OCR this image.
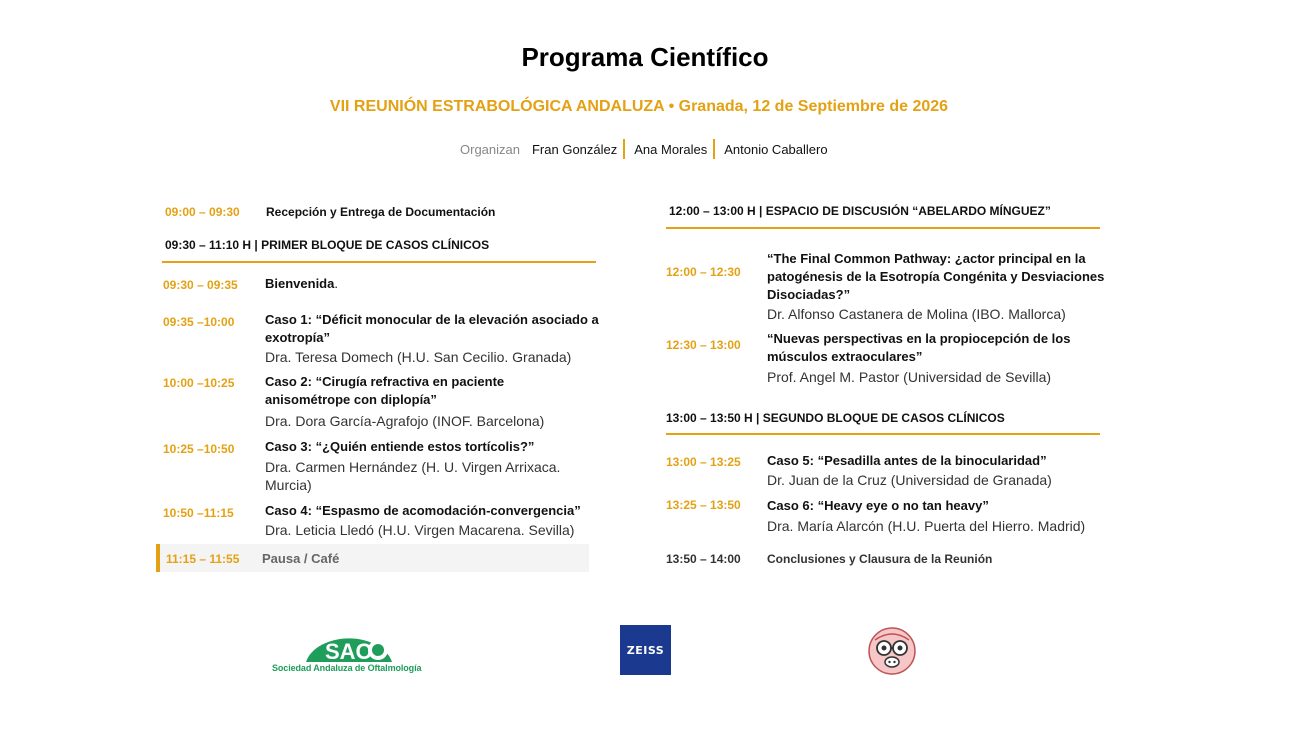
Programa Científico
VII REUNIÓN ESTRABOLÓGICA ANDALUZA • Granada, 12 de Septiembre de 2026
Organizan Fran González Ana Morales Antonio Caballero
09:00 – 09:30 Recepción y Entrega de Documentación
09:30 – 11:10 H | PRIMER BLOQUE DE CASOS CLÍNICOS
09:30 – 09:35 Bienvenida.
09:35 –10:00 Caso 1: “Déficit monocular de la elevación asociado a exotropía”
Dra. Teresa Domech (H.U. San Cecilio. Granada)
10:00 –10:25 Caso 2: “Cirugía refractiva en paciente anisométrope con diplopía”
Dra. Dora García-Agrafojo (INOF. Barcelona)
10:25 –10:50 Caso 3: “¿Quién entiende estos tortícolis?”
Dra. Carmen Hernández (H. U. Virgen Arrixaca. Murcia)
10:50 –11:15 Caso 4: “Espasmo de acomodación-convergencia”
Dra. Leticia Lledó (H.U. Virgen Macarena. Sevilla)
11:15 – 11:55 Pausa / Café
12:00 – 13:00 H | ESPACIO DE DISCUSIÓN “ABELARDO MÍNGUEZ”
12:00 – 12:30
“The Final Common Pathway: ¿actor principal en la patogénesis de la Esotropía Congénita y Desviaciones Disociadas?”
Dr. Alfonso Castanera de Molina (IBO. Mallorca)
12:30 – 13:00 “Nuevas perspectivas en la propiocepción de los músculos extraoculares”
Prof. Angel M. Pastor (Universidad de Sevilla)
13:00 – 13:50 H | SEGUNDO BLOQUE DE CASOS CLÍNICOS
13:00 – 13:25 Caso 5: “Pesadilla antes de la binocularidad”
Dr. Juan de la Cruz (Universidad de Granada)
13:25 – 13:50 Caso 6: “Heavy eye o no tan heavy”
Dra. María Alarcón (H.U. Puerta del Hierro. Madrid)
13:50 – 14:00 Conclusiones y Clausura de la Reunión
SAO
Sociedad Andaluza de Oftalmología
ZEISS
